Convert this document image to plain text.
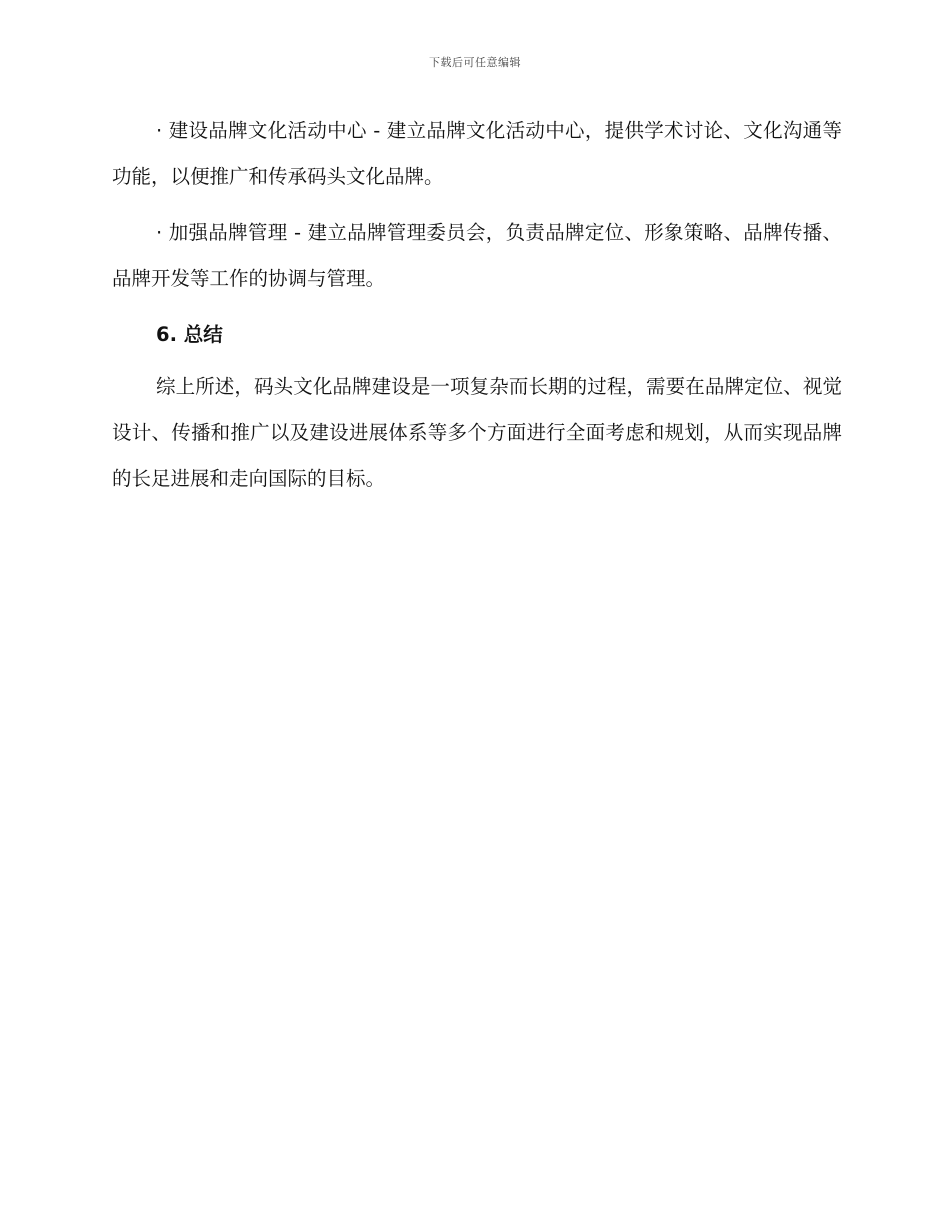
下载后可任意编辑

· 建设品牌文化活动中心 - 建立品牌文化活动中心，提供学术讨论、文化沟通等功能，以便推广和传承码头文化品牌。

· 加强品牌管理 - 建立品牌管理委员会，负责品牌定位、形象策略、品牌传播、品牌开发等工作的协调与管理。

6. 总结

综上所述，码头文化品牌建设是一项复杂而长期的过程，需要在品牌定位、视觉设计、传播和推广以及建设进展体系等多个方面进行全面考虑和规划，从而实现品牌的长足进展和走向国际的目标。
